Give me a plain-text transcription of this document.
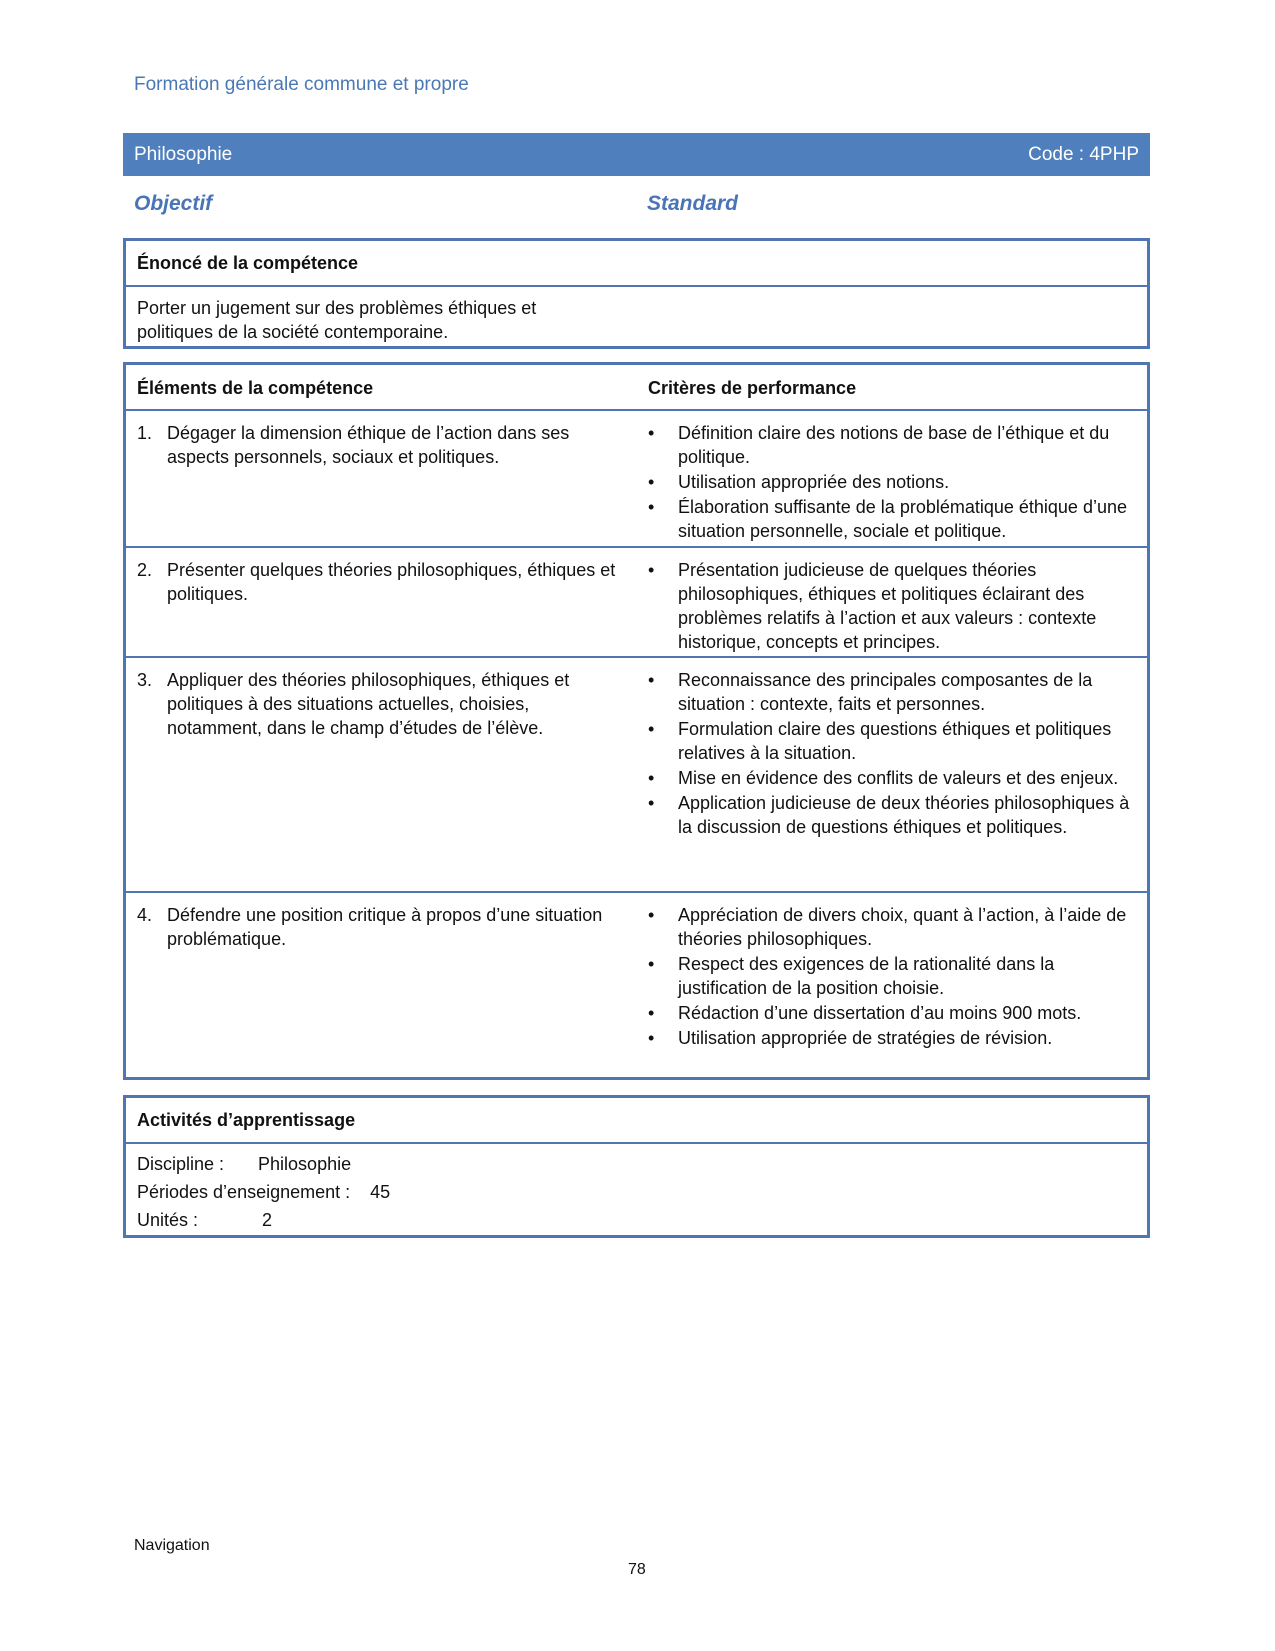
Formation générale commune et propre
Philosophie	Code : 4PHP
Objectif	Standard
Énoncé de la compétence
Porter un jugement sur des problèmes éthiques et politiques de la société contemporaine.
Éléments de la compétence	Critères de performance
1. Dégager la dimension éthique de l’action dans ses aspects personnels, sociaux et politiques.
• Définition claire des notions de base de l’éthique et du politique.
• Utilisation appropriée des notions.
• Élaboration suffisante de la problématique éthique d’une situation personnelle, sociale et politique.
2. Présenter quelques théories philosophiques, éthiques et politiques.
• Présentation judicieuse de quelques théories philosophiques, éthiques et politiques éclairant des problèmes relatifs à l’action et aux valeurs : contexte historique, concepts et principes.
3. Appliquer des théories philosophiques, éthiques et politiques à des situations actuelles, choisies, notamment, dans le champ d’études de l’élève.
• Reconnaissance des principales composantes de la situation : contexte, faits et personnes.
• Formulation claire des questions éthiques et politiques relatives à la situation.
• Mise en évidence des conflits de valeurs et des enjeux.
• Application judicieuse de deux théories philosophiques à la discussion de questions éthiques et politiques.
4. Défendre une position critique à propos d’une situation problématique.
• Appréciation de divers choix, quant à l’action, à l’aide de théories philosophiques.
• Respect des exigences de la rationalité dans la justification de la position choisie.
• Rédaction d’une dissertation d’au moins 900 mots.
• Utilisation appropriée de stratégies de révision.
Activités d’apprentissage
Discipline : Philosophie
Périodes d’enseignement : 45
Unités :	2
Navigation
78
